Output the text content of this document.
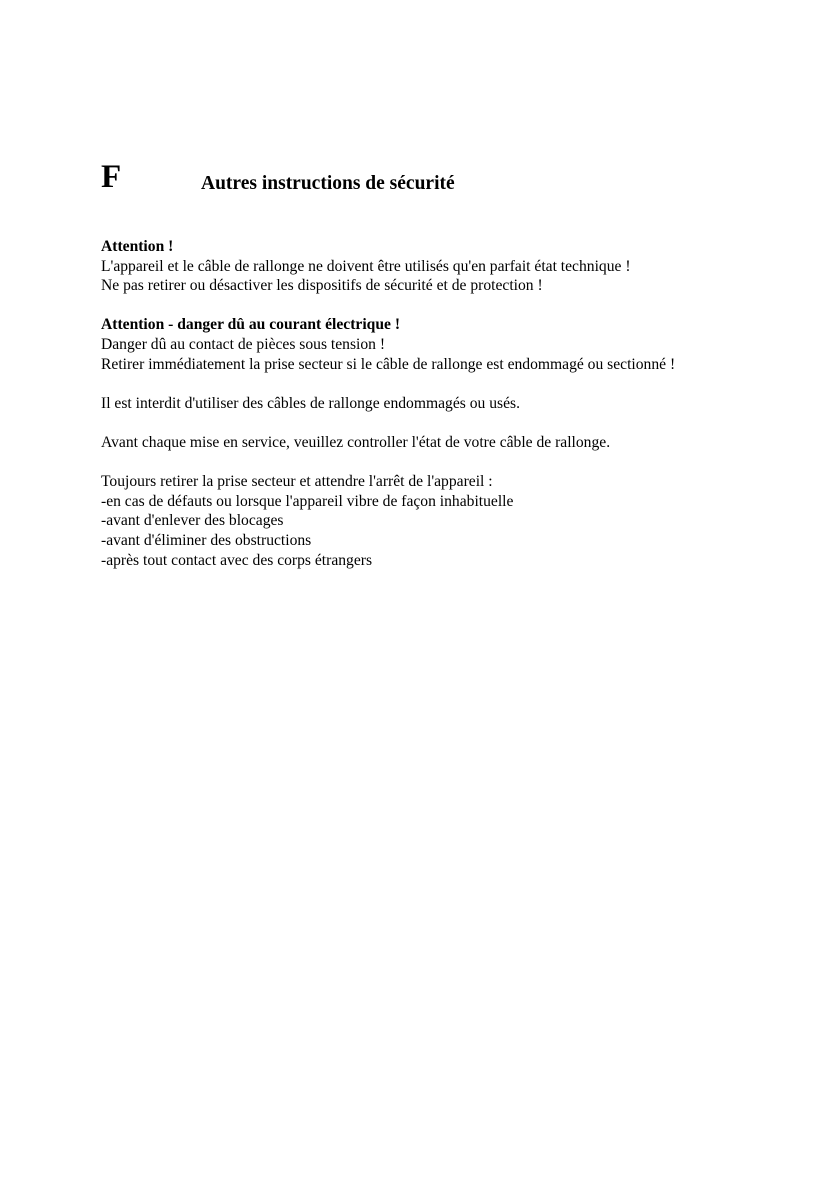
F	Autres instructions de sécurité

Attention !

L'appareil et le câble de rallonge ne doivent être utilisés qu'en parfait état technique !

Ne pas retirer ou désactiver les dispositifs de sécurité et de protection !

Attention - danger dû au courant électrique !

Danger dû au contact de pièces sous tension !

Retirer immédiatement la prise secteur si le câble de rallonge est endommagé ou sectionné !

Il est interdit d'utiliser des câbles de rallonge endommagés ou usés.

Avant chaque mise en service, veuillez controller l'état de votre câble de rallonge.

Toujours retirer la prise secteur et attendre l'arrêt de l'appareil :

-en cas de défauts ou lorsque l'appareil vibre de façon inhabituelle

-avant d'enlever des blocages

-avant d'éliminer des obstructions

-après tout contact avec des corps étrangers
